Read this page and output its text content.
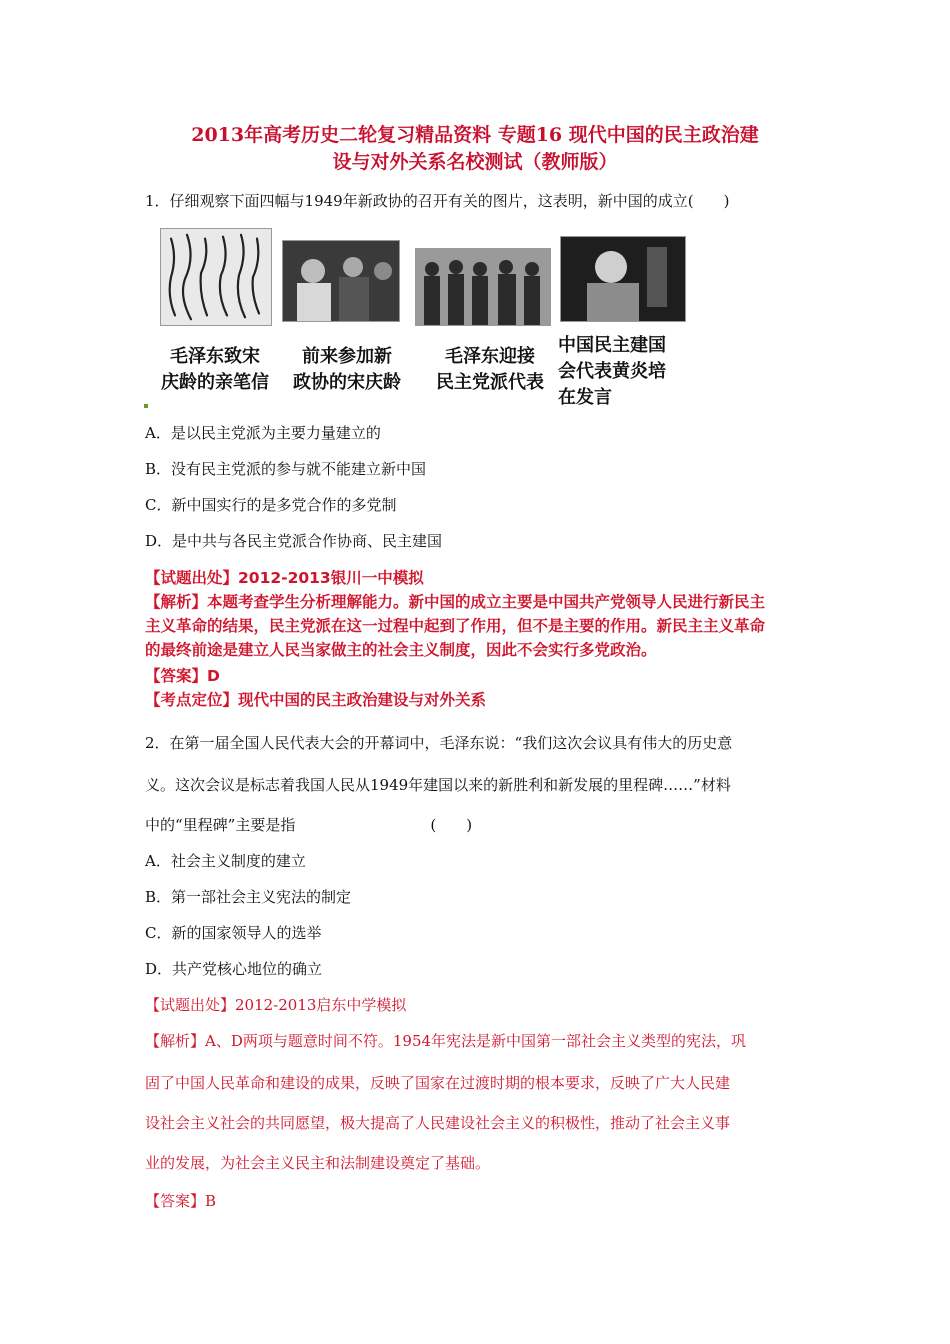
2013年高考历史二轮复习精品资料 专题16 现代中国的民主政治建
设与对外关系名校测试（教师版）
1．仔细观察下面四幅与1949年新政协的召开有关的图片，这表明，新中国的成立(　　)
毛泽东致宋
庆龄的亲笔信
前来参加新
政协的宋庆龄
毛泽东迎接
民主党派代表
中国民主建国
会代表黄炎培
在发言
A．是以民主党派为主要力量建立的
B．没有民主党派的参与就不能建立新中国
C．新中国实行的是多党合作的多党制
D．是中共与各民主党派合作协商、民主建国
【试题出处】2012-2013银川一中模拟
【解析】本题考查学生分析理解能力。新中国的成立主要是中国共产党领导人民进行新民主
主义革命的结果，民主党派在这一过程中起到了作用，但不是主要的作用。新民主主义革命
的最终前途是建立人民当家做主的社会主义制度，因此不会实行多党政治。
【答案】D
【考点定位】现代中国的民主政治建设与对外关系
2．在第一届全国人民代表大会的开幕词中，毛泽东说：“我们这次会议具有伟大的历史意
义。这次会议是标志着我国人民从1949年建国以来的新胜利和新发展的里程碑……”材料
中的“里程碑”主要是指　　　　　　　　　(　　)
A．社会主义制度的建立
B．第一部社会主义宪法的制定
C．新的国家领导人的选举
D．共产党核心地位的确立
【试题出处】2012-2013启东中学模拟
【解析】A、D两项与题意时间不符。1954年宪法是新中国第一部社会主义类型的宪法，巩
固了中国人民革命和建设的成果，反映了国家在过渡时期的根本要求，反映了广大人民建
设社会主义社会的共同愿望，极大提高了人民建设社会主义的积极性，推动了社会主义事
业的发展，为社会主义民主和法制建设奠定了基础。
【答案】B
